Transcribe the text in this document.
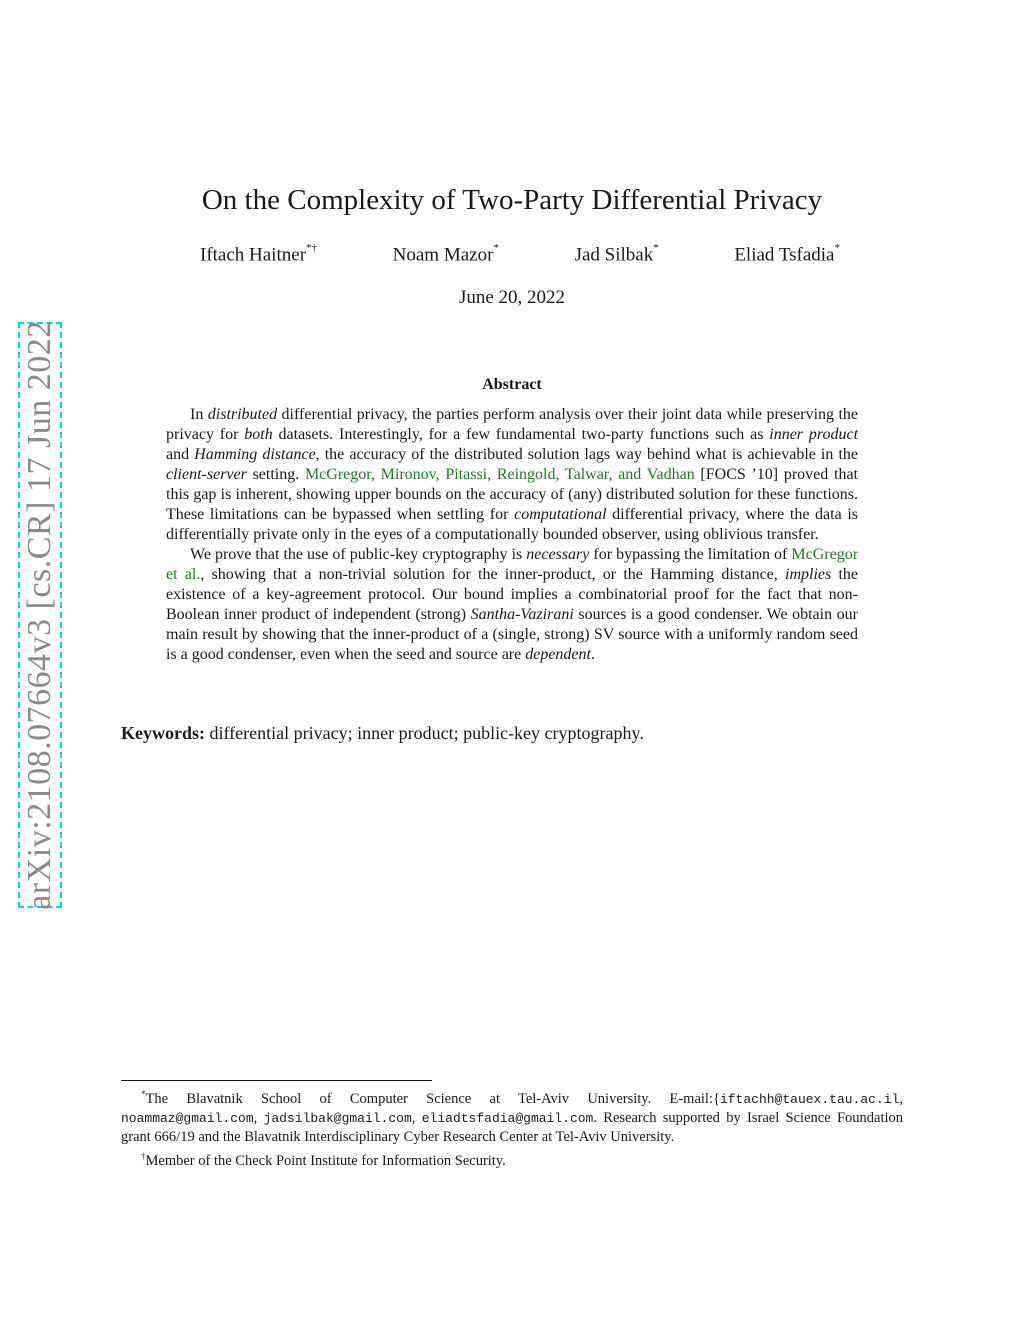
arXiv:2108.07664v3 [cs.CR] 17 Jun 2022
On the Complexity of Two-Party Differential Privacy
Iftach Haitner*†	Noam Mazor*	Jad Silbak*	Eliad Tsfadia*
June 20, 2022
Abstract

In distributed differential privacy, the parties perform analysis over their joint data while preserving the privacy for both datasets. Interestingly, for a few fundamental two-party functions such as inner product and Hamming distance, the accuracy of the distributed solution lags way behind what is achievable in the client-server setting. McGregor, Mironov, Pitassi, Reingold, Talwar, and Vadhan [FOCS ’10] proved that this gap is inherent, showing upper bounds on the accuracy of (any) distributed solution for these functions. These limitations can be bypassed when settling for computational differential privacy, where the data is differentially private only in the eyes of a computationally bounded observer, using oblivious transfer.

We prove that the use of public-key cryptography is necessary for bypassing the limitation of McGregor et al., showing that a non-trivial solution for the inner-product, or the Hamming distance, implies the existence of a key-agreement protocol. Our bound implies a combinatorial proof for the fact that non-Boolean inner product of independent (strong) Santha-Vazirani sources is a good condenser. We obtain our main result by showing that the inner-product of a (single, strong) SV source with a uniformly random seed is a good condenser, even when the seed and source are dependent.

Keywords: differential privacy; inner product; public-key cryptography.

*The Blavatnik School of Computer Science at Tel-Aviv University. E-mail:{iftachh@tauex.tau.ac.il, noammaz@gmail.com, jadsilbak@gmail.com, eliadtsfadia@gmail.com. Research supported by Israel Science Foundation grant 666/19 and the Blavatnik Interdisciplinary Cyber Research Center at Tel-Aviv University.

†Member of the Check Point Institute for Information Security.
